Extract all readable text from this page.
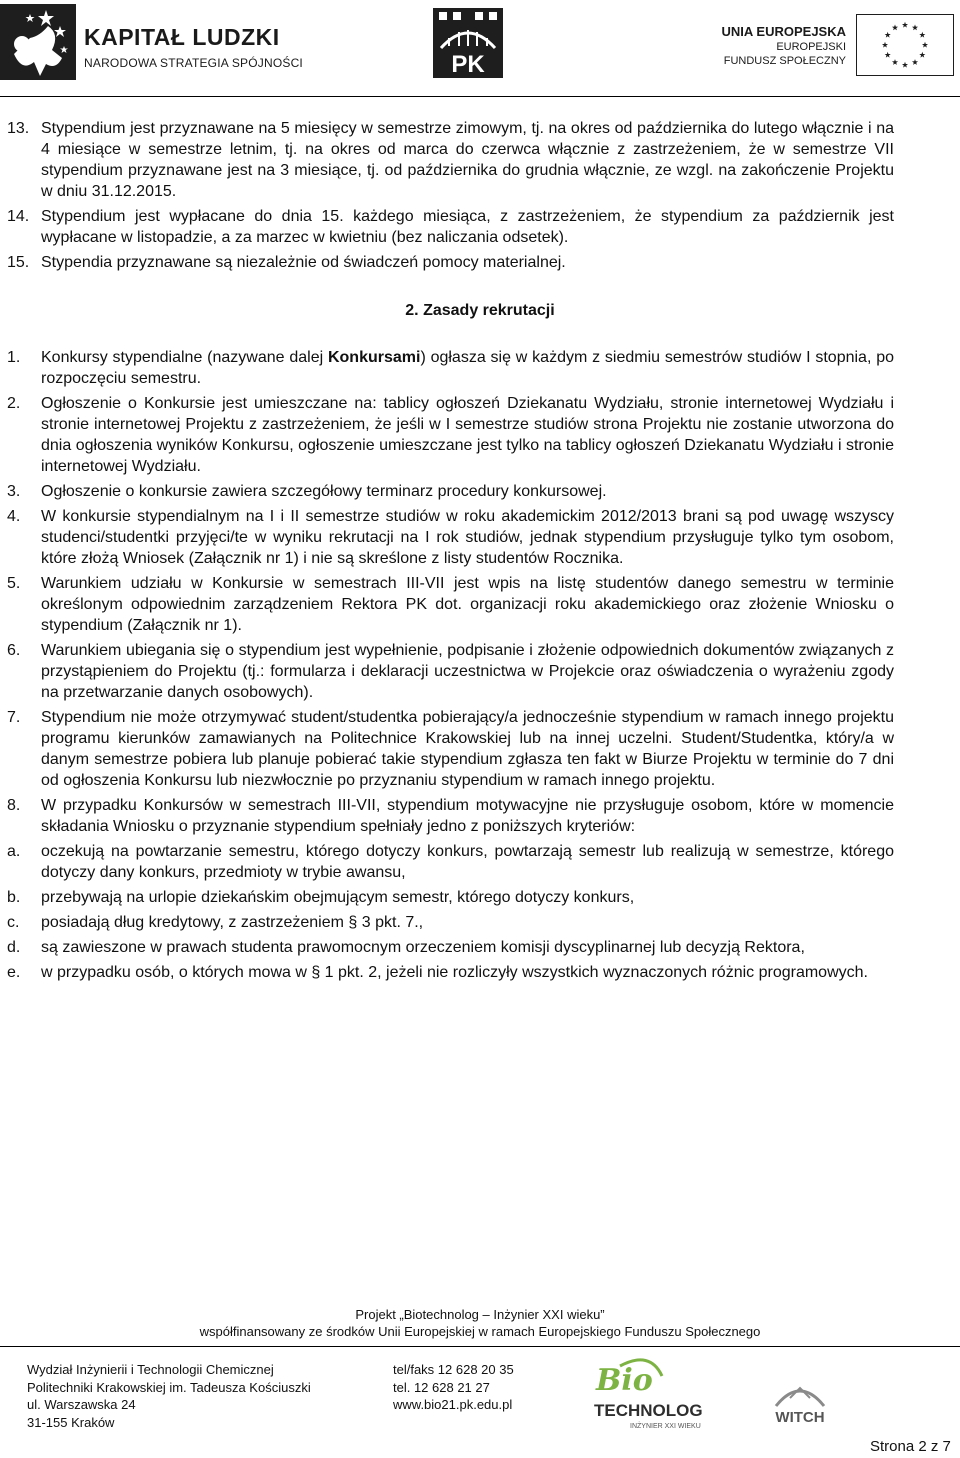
KAPITAŁ LUDZKI
NARODOWA STRATEGIA SPÓJNOŚCI	PK
UNIA EUROPEJSKA
EUROPEJSKI
FUNDUSZ SPOŁECZNY
13. Stypendium jest przyznawane na 5 miesięcy w semestrze zimowym, tj. na okres od października do lutego włącznie i na 4 miesiące w semestrze letnim, tj. na okres od marca do czerwca włącznie z zastrzeżeniem, że w semestrze VII stypendium przyznawane jest na 3 miesiące, tj. od października do grudnia włącznie, ze wzgl. na zakończenie Projektu w dniu 31.12.2015.
14. Stypendium jest wypłacane do dnia 15. każdego miesiąca, z zastrzeżeniem, że stypendium za październik jest wypłacane w listopadzie, a za marzec w kwietniu (bez naliczania odsetek).
15. Stypendia przyznawane są niezależnie od świadczeń pomocy materialnej.
2. Zasady rekrutacji
1. Konkursy stypendialne (nazywane dalej Konkursami) ogłasza się w każdym z siedmiu semestrów studiów I stopnia, po rozpoczęciu semestru.
2. Ogłoszenie o Konkursie jest umieszczane na: tablicy ogłoszeń Dziekanatu Wydziału, stronie internetowej Wydziału i stronie internetowej Projektu z zastrzeżeniem, że jeśli w I semestrze studiów strona Projektu nie zostanie utworzona do dnia ogłoszenia wyników Konkursu, ogłoszenie umieszczane jest tylko na tablicy ogłoszeń Dziekanatu Wydziału i stronie internetowej Wydziału.
3. Ogłoszenie o konkursie zawiera szczegółowy terminarz procedury konkursowej.
4. W konkursie stypendialnym na I i II semestrze studiów w roku akademickim 2012/2013 brani są pod uwagę wszyscy studenci/studentki przyjęci/te w wyniku rekrutacji na I rok studiów, jednak stypendium przysługuje tylko tym osobom, które złożą Wniosek (Załącznik nr 1) i nie są skreślone z listy studentów Rocznika.
5. Warunkiem udziału w Konkursie w semestrach III-VII jest wpis na listę studentów danego semestru w terminie określonym odpowiednim zarządzeniem Rektora PK dot. organizacji roku akademickiego oraz złożenie Wniosku o stypendium (Załącznik nr 1).
6. Warunkiem ubiegania się o stypendium jest wypełnienie, podpisanie i złożenie odpowiednich dokumentów związanych z przystąpieniem do Projektu (tj.: formularza i deklaracji uczestnictwa w Projekcie oraz oświadczenia o wyrażeniu zgody na przetwarzanie danych osobowych).
7. Stypendium nie może otrzymywać student/studentka pobierający/a jednocześnie stypendium w ramach innego projektu programu kierunków zamawianych na Politechnice Krakowskiej lub na innej uczelni. Student/Studentka, który/a w danym semestrze pobiera lub planuje pobierać takie stypendium zgłasza ten fakt w Biurze Projektu w terminie do 7 dni od ogłoszenia Konkursu lub niezwłocznie po przyznaniu stypendium w ramach innego projektu.
8. W przypadku Konkursów w semestrach III-VII, stypendium motywacyjne nie przysługuje osobom, które w momencie składania Wniosku o przyznanie stypendium spełniały jedno z poniższych kryteriów:
a. oczekują na powtarzanie semestru, którego dotyczy konkurs, powtarzają semestr lub realizują w semestrze, którego dotyczy dany konkurs, przedmioty w trybie awansu,
b. przebywają na urlopie dziekańskim obejmującym semestr, którego dotyczy konkurs,
c. posiadają dług kredytowy, z zastrzeżeniem § 3 pkt. 7.,
d. są zawieszone w prawach studenta prawomocnym orzeczeniem komisji dyscyplinarnej lub decyzją Rektora,
e. w przypadku osób, o których mowa w § 1 pkt. 2, jeżeli nie rozliczyły wszystkich wyznaczonych różnic programowych.
Projekt „Biotechnolog – Inżynier XXI wieku”
współfinansowany ze środków Unii Europejskiej w ramach Europejskiego Funduszu Społecznego
Wydział Inżynierii i Technologii Chemicznej
Politechniki Krakowskiej im. Tadeusza Kościuszki
ul. Warszawska 24
31-155 Kraków
tel/faks 12 628 20 35
tel. 12 628 21 27
www.bio21.pk.edu.pl
Bio
TECHNOLOG
INŻYNIER XXI WIEKU
WITCH
Strona 2 z 7
